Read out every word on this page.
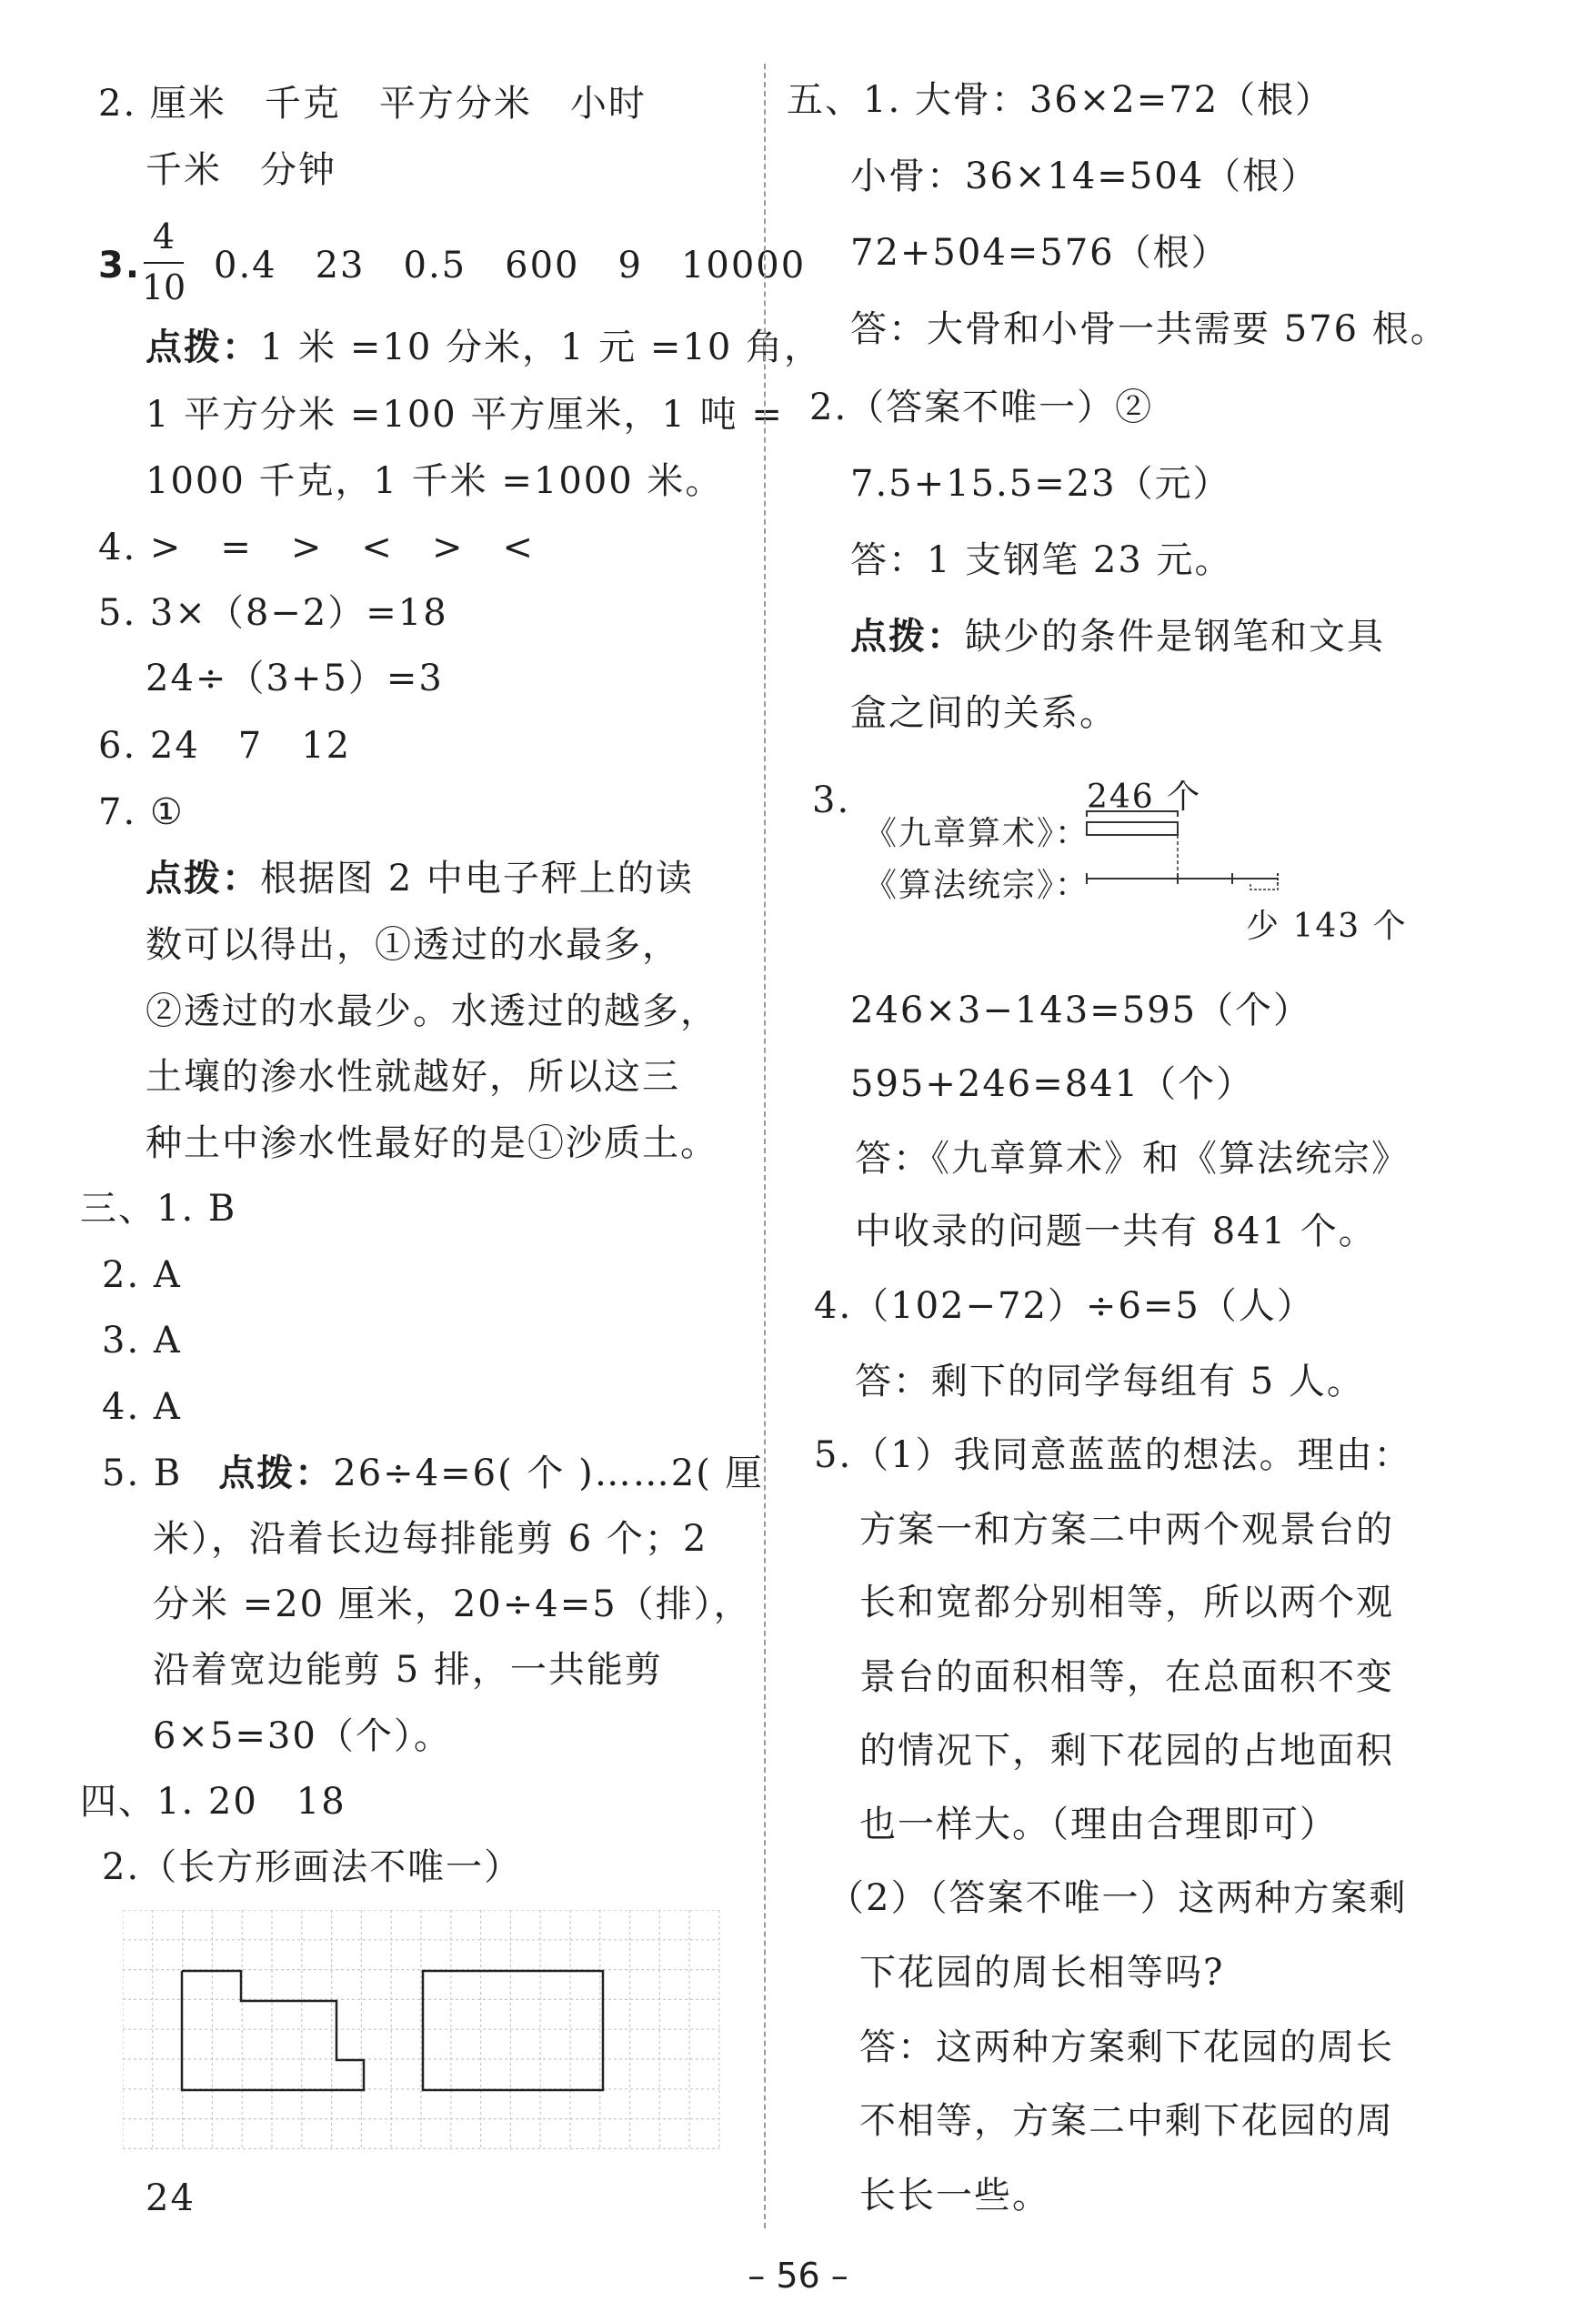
2. 厘米　千克　平方分米　小时
千米　分钟
3.
4
10
0.4　23　0.5　600　9　10000
点拨：1 米 =10 分米，1 元 =10 角，
1 平方分米 =100 平方厘米，1 吨 =
1000 千克，1 千米 =1000 米。
4. >　=　>　<　>　<
5. 3×（8−2）=18
24÷（3+5）=3
6. 24　7　12
7. ①
点拨：根据图 2 中电子秤上的读
数可以得出，①透过的水最多，
②透过的水最少。水透过的越多，
土壤的渗水性就越好，所以这三
种土中渗水性最好的是①沙质土。
三、1. B
2. A
3. A
4. A
5. B 点拨：26÷4=6( 个 )……2( 厘
米），沿着长边每排能剪 6 个；2
分米 =20 厘米，20÷4=5（排），
沿着宽边能剪 5 排，一共能剪
6×5=30（个）。
四、1. 20　18
2.（长方形画法不唯一）
24
五、1. 大骨：36×2=72（根）
小骨：36×14=504（根）
72+504=576（根）
答：大骨和小骨一共需要 576 根。
2.（答案不唯一）②
7.5+15.5=23（元）
答：1 支钢笔 23 元。
点拨：缺少的条件是钢笔和文具
盒之间的关系。
3.	246 个
《九章算术》：
《算法统宗》：
少 143 个
246×3−143=595（个）
595+246=841（个）
答：《九章算术》和《算法统宗》
中收录的问题一共有 841 个。
4.（102−72）÷6=5（人）
答：剩下的同学每组有 5 人。
5.（1）我同意蓝蓝的想法。理由：
方案一和方案二中两个观景台的
长和宽都分别相等，所以两个观
景台的面积相等，在总面积不变
的情况下，剩下花园的占地面积
也一样大。（理由合理即可）
（2）（答案不唯一）这两种方案剩
下花园的周长相等吗?
答：这两种方案剩下花园的周长
不相等，方案二中剩下花园的周
长长一些。
– 56 –
